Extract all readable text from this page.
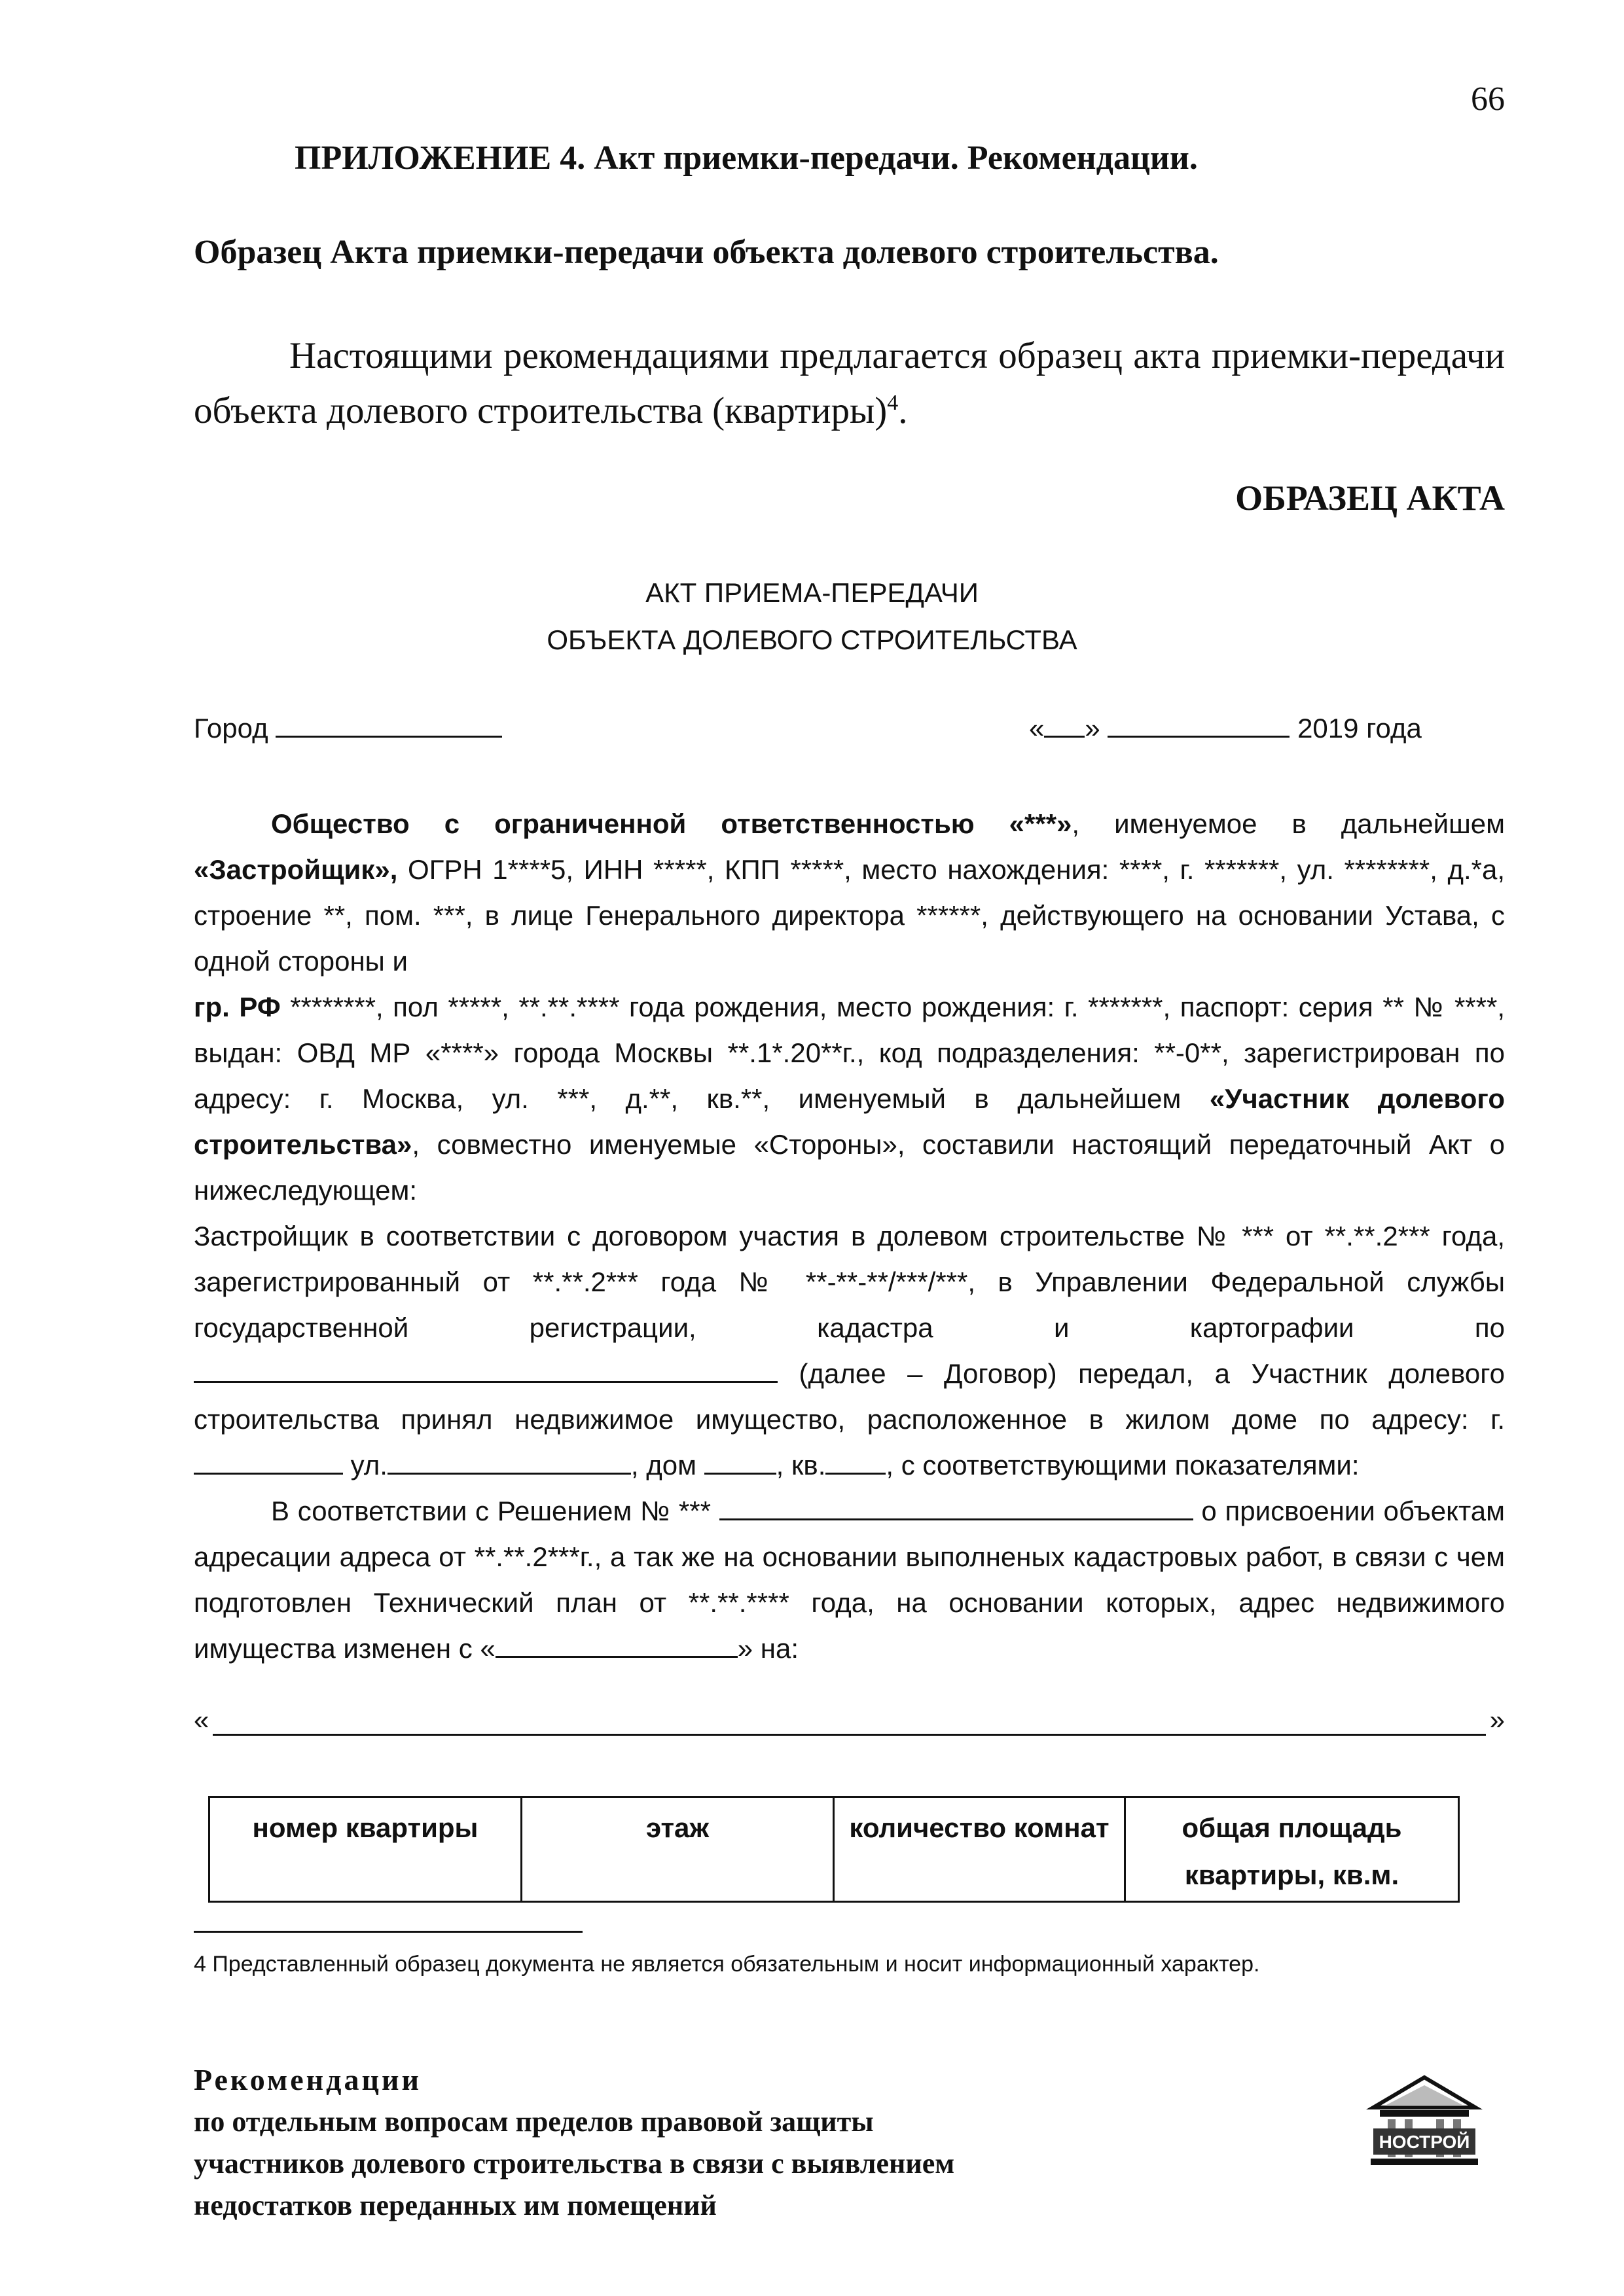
66
ПРИЛОЖЕНИЕ 4. Акт приемки-передачи. Рекомендации.
Образец Акта приемки-передачи объекта долевого строительства.
Настоящими рекомендациями предлагается образец акта приемки-передачи объекта долевого строительства (квартиры)$^4$.
ОБРАЗЕЦ АКТА
АКТ ПРИЕМА-ПЕРЕДАЧИ
ОБЪЕКТА ДОЛЕВОГО СТРОИТЕЛЬСТВА
Город	« »	2019 года

Общество с ограниченной ответственностью «***», именуемое в дальнейшем «Застройщик», ОГРН 1****5, ИНН *****, КПП *****, место нахождения: ****, г. *******, ул. ********, д.*а, строение **, пом. ***, в лице Генерального директора ******, действующего на основании Устава, с одной стороны и

гр. РФ ********, пол *****, **.**.**** года рождения, место рождения: г. *******, паспорт: серия ** № ****, выдан: ОВД МР «****» города Москвы **.1*.20**г., код подразделения: **-0**, зарегистрирован по адресу: г. Москва, ул. ***, д.**, кв.**, именуемый в дальнейшем «Участник долевого строительства», совместно именуемые «Стороны», составили настоящий передаточный Акт о нижеследующем:

Застройщик в соответствии с договором участия в долевом строительстве № *** от **.**.2*** года, зарегистрированный от **.**.2*** года № **-**-**/***/***, в Управлении Федеральной службы государственной регистрации, кадастра и картографии по  (далее – Договор) передал, а Участник долевого строительства принял недвижимое имущество, расположенное в жилом доме по адресу: г. ул.	, дом	, кв. , с соответствующими показателями:

В соответствии с Решением № ***	о присвоении объектам адресации адреса от **.**.2***г., а так же на основании выполненых кадастровых работ, в связи с чем подготовлен Технический план от **.**.**** года, на основании которых, адрес недвижимого имущества изменен с «	» на:

«	»
номер квартиры	этаж	количество комнат	общая площадь квартиры, кв.м.
4 Представленный образец документа не является обязательным и носит информационный характер.
Рекомендации
по отдельным вопросам пределов правовой защиты
участников долевого строительства в связи с выявлением
недостатков переданных им помещений
НОСТРОЙ
